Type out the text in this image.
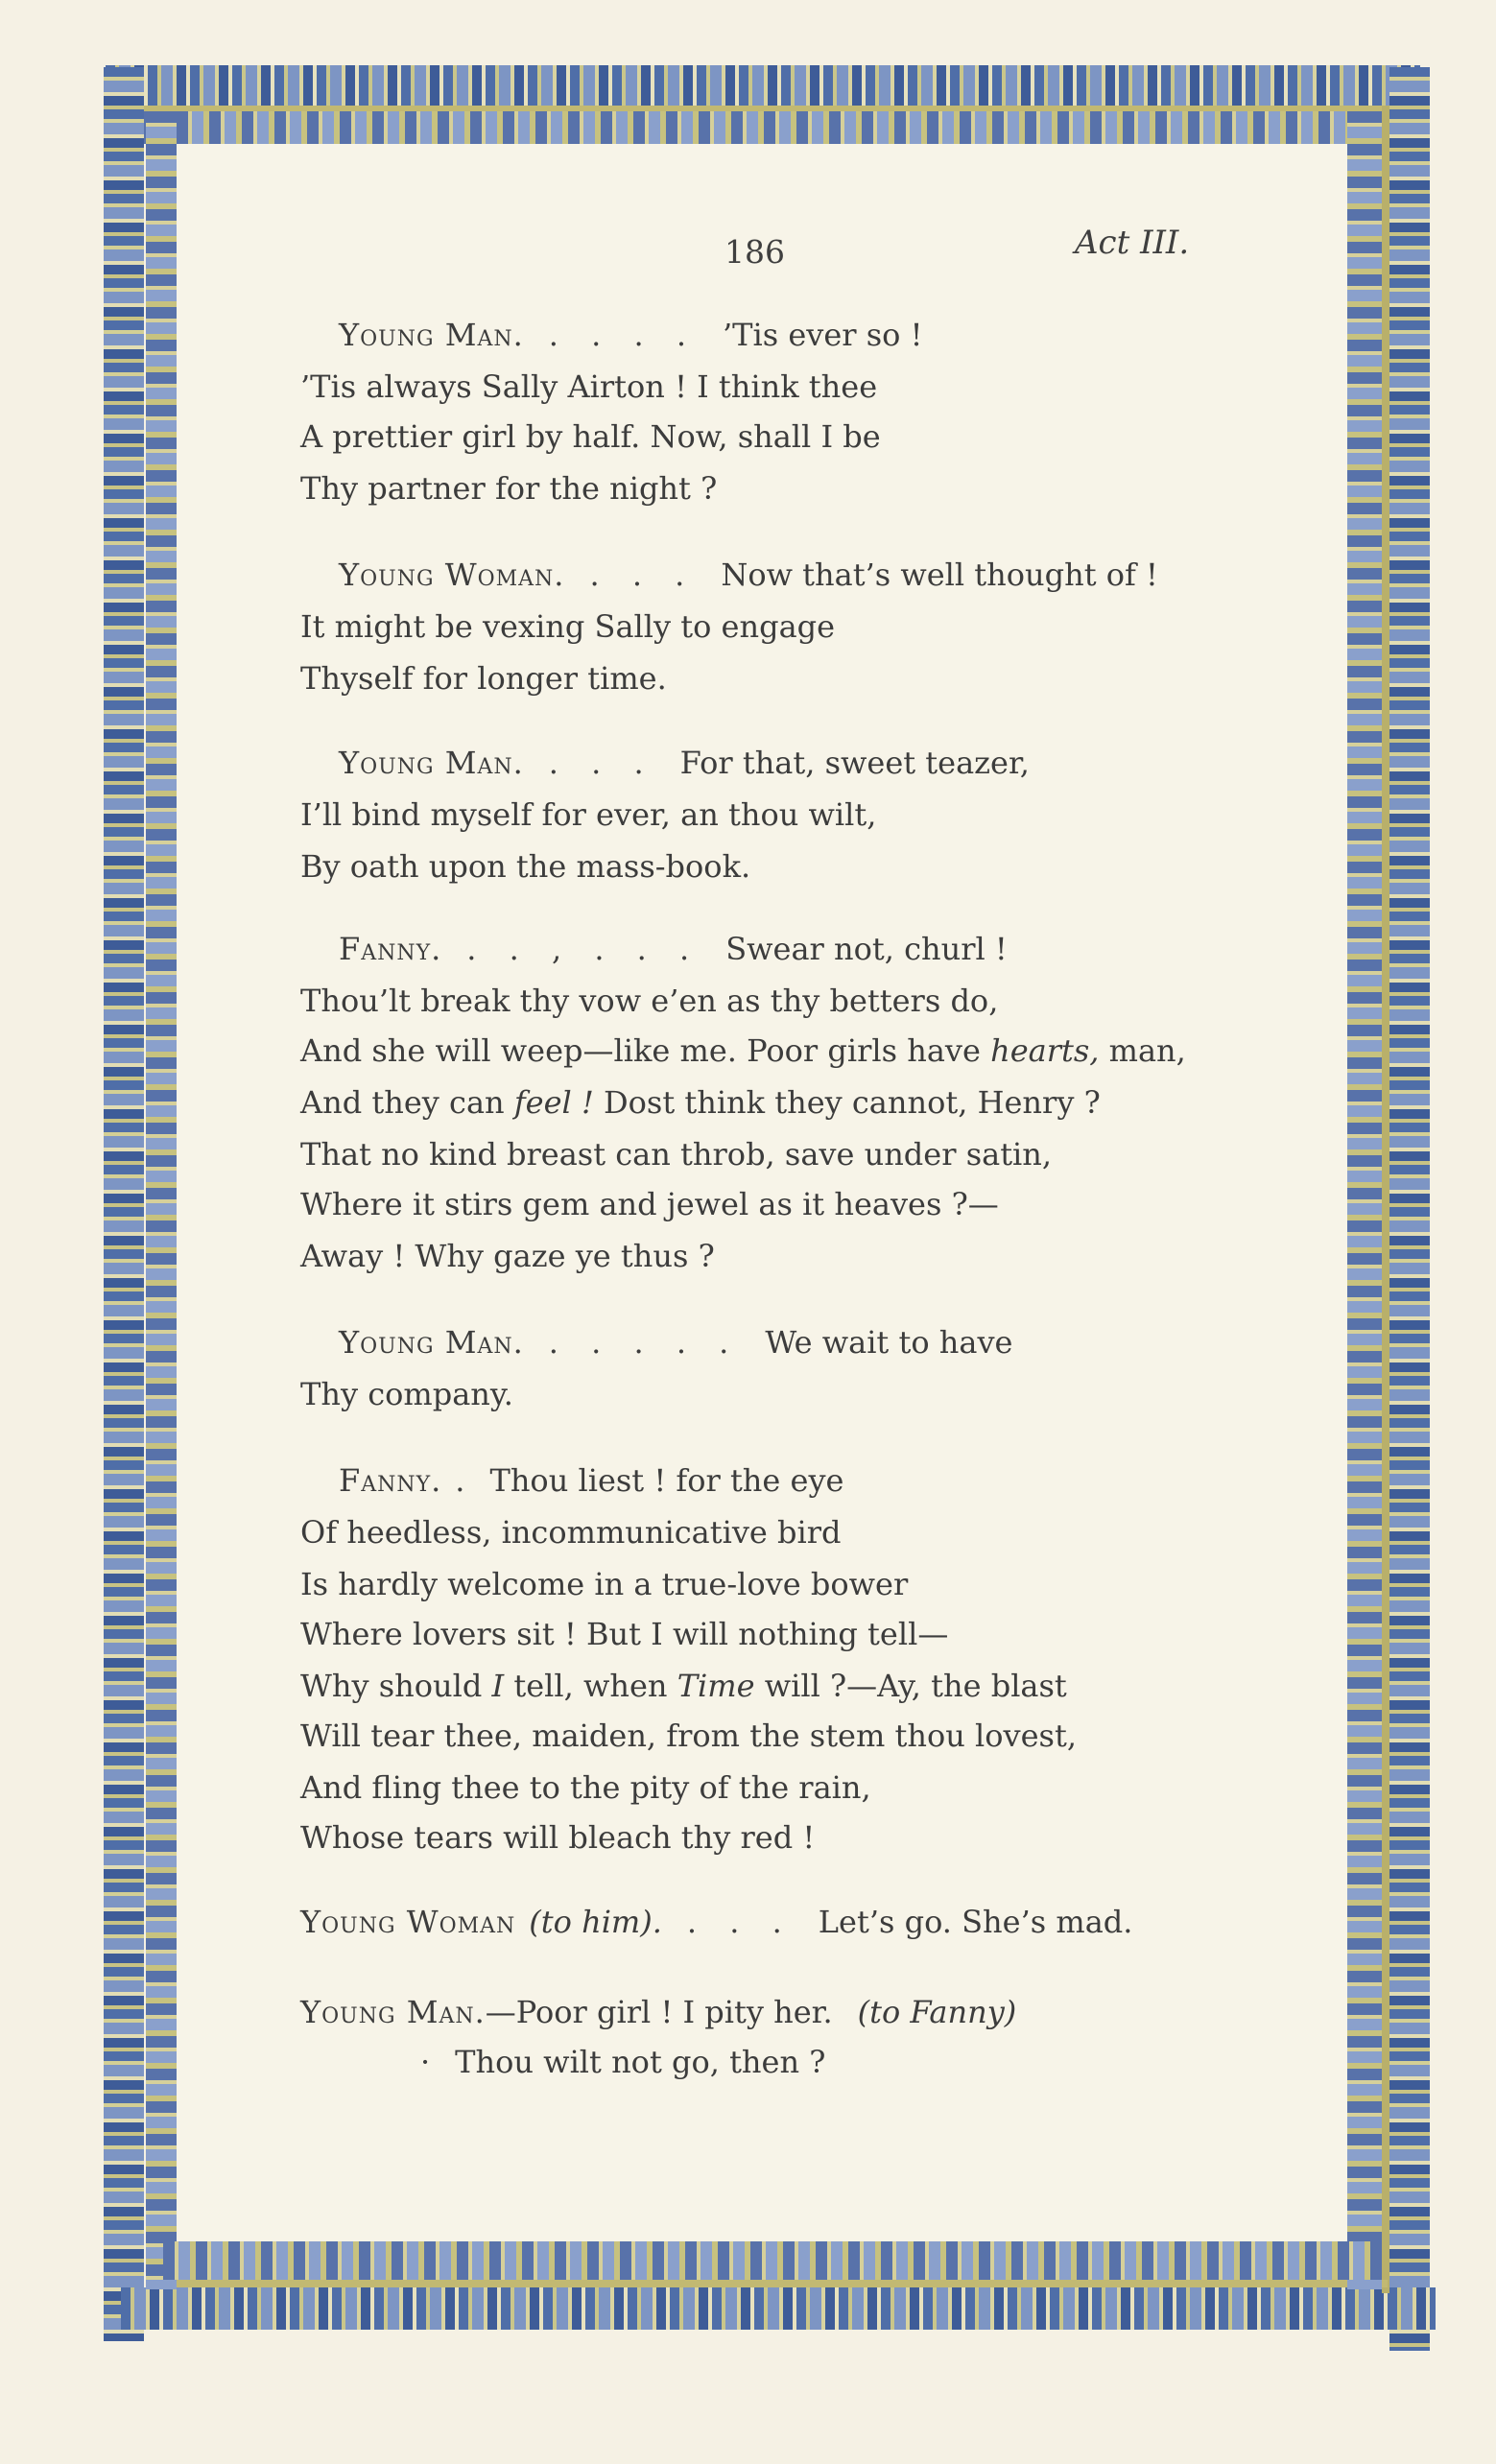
186	Act III.
Young Man. . . . . ’Tis ever so !
’Tis always Sally Airton ! I think thee
A prettier girl by half. Now, shall I be
Thy partner for the night ?
Young Woman. . . . Now that’s well thought of !
It might be vexing Sally to engage
Thyself for longer time.
Young Man. . . . For that, sweet teazer,
I’ll bind myself for ever, an thou wilt,
By oath upon the mass-book.
Fanny. . . , . . . Swear not, churl !
Thou’lt break thy vow e’en as thy betters do,
And she will weep—like me. Poor girls have hearts, man,
And they can feel ! Dost think they cannot, Henry ?
That no kind breast can throb, save under satin,
Where it stirs gem and jewel as it heaves ?—
Away ! Why gaze ye thus ?
Young Man. . . . . . We wait to have
Thy company.
Fanny. . Thou liest ! for the eye
Of heedless, incommunicative bird
Is hardly welcome in a true-love bower
Where lovers sit ! But I will nothing tell—
Why should I tell, when Time will ?—Ay, the blast
Will tear thee, maiden, from the stem thou lovest,
And fling thee to the pity of the rain,
Whose tears will bleach thy red !
Young Woman (to him). . . . Let’s go. She’s mad.
Young Man.—Poor girl ! I pity her. (to Fanny)
· Thou wilt not go, then ?
